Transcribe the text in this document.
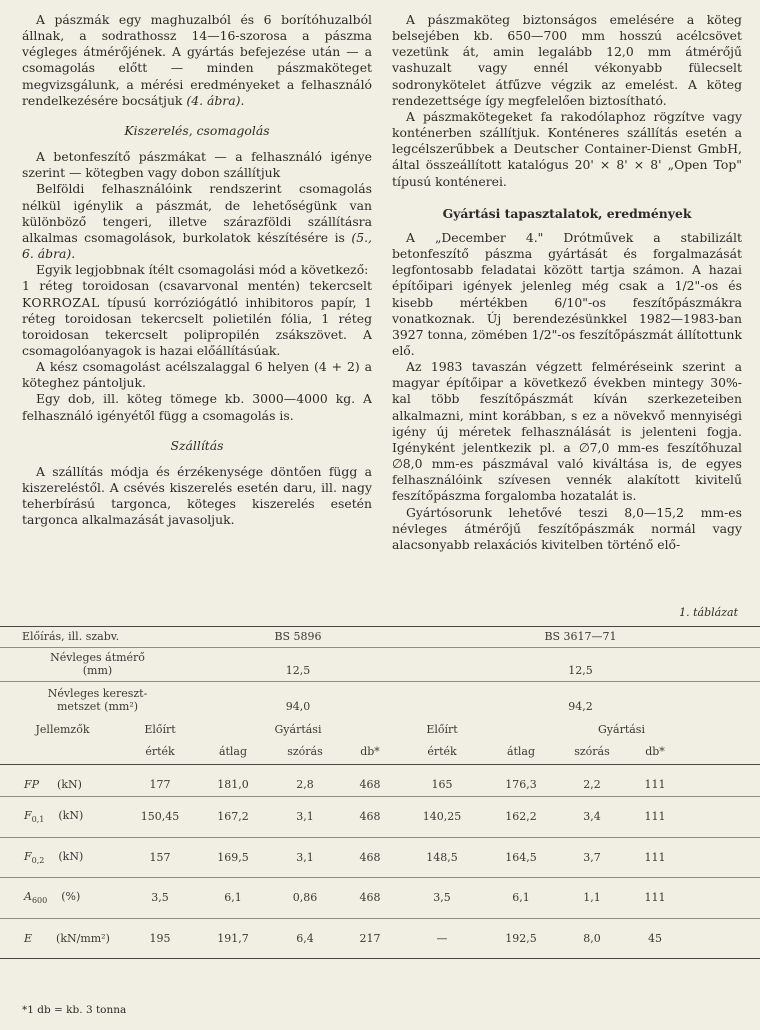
A pászmák egy maghuzalból és 6 borítóhuzalból állnak, a sodrathossz 14—16-szorosa a pászma végleges átmérőjének. A gyártás befejezése után — a csomagolás előtt — minden pászmaköteget megvizsgálunk, a mérési eredményeket a felhasználó rendelkezésére bocsátjuk (4. ábra).

Kiszerelés, csomagolás

A betonfeszítő pászmákat — a felhasználó igénye szerint — kötegben vagy dobon szállítjuk

Belföldi felhasználóink rendszerint csomagolás nélkül igénylik a pászmát, de lehetőségünk van különböző tengeri, illetve szárazföldi szállításra alkalmas csomagolások, burkolatok készítésére is (5., 6. ábra).

Egyik legjobbnak ítélt csomagolási mód a következő:

1 réteg toroidosan (csavarvonal mentén) tekercselt KORROZAL típusú korróziógátló inhibitoros papír, 1 réteg toroidosan tekercselt polietilén fólia, 1 réteg toroidosan tekercselt polipropilén zsákszövet. A csomagolóanyagok is hazai előállításúak.

A kész csomagolást acélszalaggal 6 helyen (4 + 2) a köteghez pántoljuk.

Egy dob, ill. köteg tömege kb. 3000—4000 kg. A felhasználó igényétől függ a csomagolás is.

Szállítás

A szállítás módja és érzékenysége döntően függ a kiszereléstől. A csévés kiszerelés esetén daru, ill. nagy teherbírású targonca, köteges kiszerelés esetén targonca alkalmazását javasoljuk.

A pászmaköteg biztonságos emelésére a köteg belsejében kb. 650—700 mm hosszú acélcsövet vezetünk át, amin legalább 12,0 mm átmérőjű vashuzalt vagy ennél vékonyabb fülecselt sodronykötelet átfűzve végzik az emelést. A köteg rendezettsége így megfelelően biztosítható.

A pászmakötegeket fa rakodólaphoz rögzítve vagy konténerben szállítjuk. Konténeres szállítás esetén a legcélszerűbbek a Deutscher Container-Dienst GmbH, által összeállított katalógus 20' × 8' × 8' „Open Top" típusú konténerei.

Gyártási tapasztalatok, eredmények

A „December 4." Drótművek a stabilizált betonfeszítő pászma gyártását és forgalmazását legfontosabb feladatai között tartja számon. A hazai építőipari igények jelenleg még csak a 1/2"-os és kisebb mértékben 6/10"-os feszítőpászmákra vonatkoznak. Új berendezésünkkel 1982—1983-ban 3927 tonna, zömében 1/2"-os feszítőpászmát állítottunk elő.

Az 1983 tavaszán végzett felméréseink szerint a magyar építőipar a következő években mintegy 30%-kal több feszítőpászmát kíván szerkezeteiben alkalmazni, mint korábban, s ez a növekvő mennyiségi igény új méretek felhasználását is jelenteni fogja. Igényként jelentkezik pl. a ∅7,0 mm-es feszítőhuzal ∅8,0 mm-es pászmával való kiváltása is, de egyes felhasználóink szívesen vennék alakított kivitelű feszítőpászma forgalomba hozatalát is.

Gyártósorunk lehetővé teszi 8,0—15,2 mm-es névleges átmérőjű feszítőpászmák normál vagy alacsonyabb relaxációs kivitelben történő elő-

1. táblázat

Előírás, ill. szabv.		BS 5896			BS 3617—71				

Névleges átmérő
(mm)		12,5			12,5				

Névleges kereszt-
metszet (mm²)		94,0			94,2				
Jellemzők	Előírt	Gyártási			Előírt	Gyártási			
	érték	átlag	szórás	db*	érték	átlag	szórás	db*	

FP (kN)	177	181,0	2,8	468	165	176,3	2,2	111	

$F_{0,1}$ (kN)	150,45	167,2	3,1	468	140,25	162,2	3,4	111	

$F_{0,2}$ (kN)	157	169,5	3,1	468	148,5	164,5	3,7	111	

$A_{600}$ (%)	3,5	6,1	0,86	468	3,5	6,1	1,1	111	

E (kN/mm²)	195	191,7	6,4	217	—	192,5	8,0	45	

*1 db = kb. 3 tonna
